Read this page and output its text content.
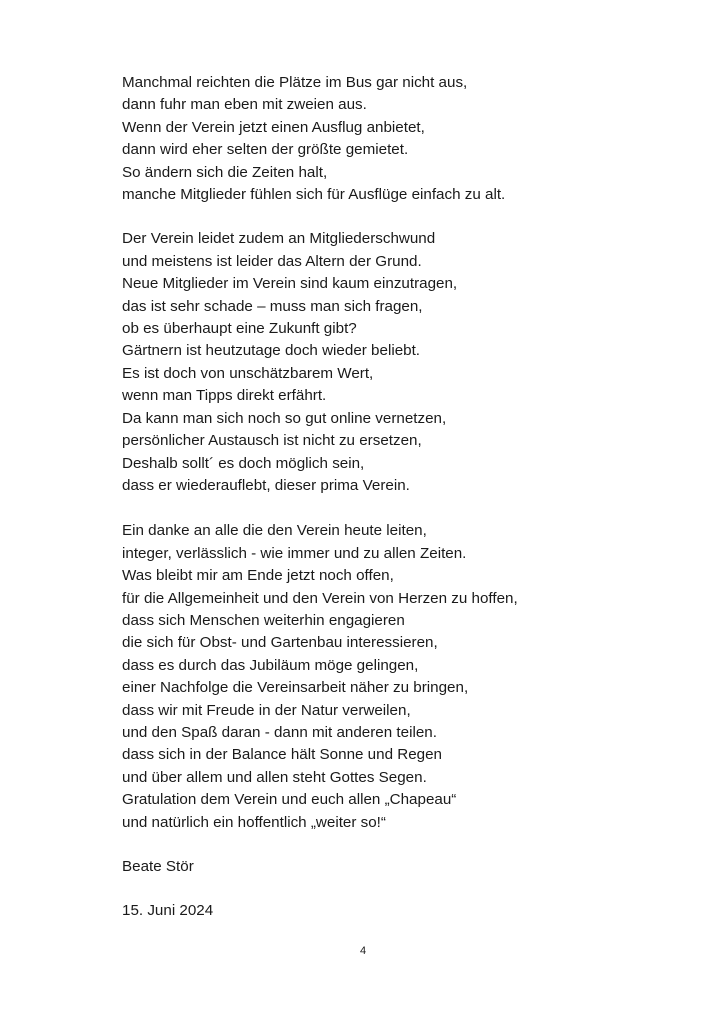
Manchmal reichten die Plätze im Bus gar nicht aus,
dann fuhr man eben mit zweien aus.
Wenn der Verein jetzt einen Ausflug anbietet,
dann wird eher selten der größte gemietet.
So ändern sich die Zeiten halt,
manche Mitglieder fühlen sich für Ausflüge einfach zu alt.
Der Verein leidet zudem an Mitgliederschwund
und meistens ist leider das Altern der Grund.
Neue Mitglieder im Verein sind kaum einzutragen,
das ist sehr schade – muss man sich fragen,
ob es überhaupt eine Zukunft gibt?
Gärtnern ist heutzutage doch wieder beliebt.
Es ist doch von unschätzbarem Wert,
wenn man Tipps direkt erfährt.
Da kann man sich noch so gut online vernetzen,
persönlicher Austausch ist nicht zu ersetzen,
Deshalb sollt´ es doch möglich sein,
dass er wiederauflebt, dieser prima Verein.
Ein danke an alle die den Verein heute leiten,
integer, verlässlich - wie immer und zu allen Zeiten.
Was bleibt mir am Ende jetzt noch offen,
für die Allgemeinheit und den Verein von Herzen zu hoffen,
dass sich Menschen weiterhin engagieren
die sich für Obst- und Gartenbau interessieren,
dass es durch das Jubiläum möge gelingen,
einer Nachfolge die Vereinsarbeit näher zu bringen,
dass wir mit Freude in der Natur verweilen,
und den Spaß daran - dann mit anderen teilen.
dass sich in der Balance hält Sonne und Regen
und über allem und allen steht Gottes Segen.
Gratulation dem Verein und euch allen „Chapeau“
und natürlich ein hoffentlich „weiter so!“

Beate Stör

15. Juni 2024

4
